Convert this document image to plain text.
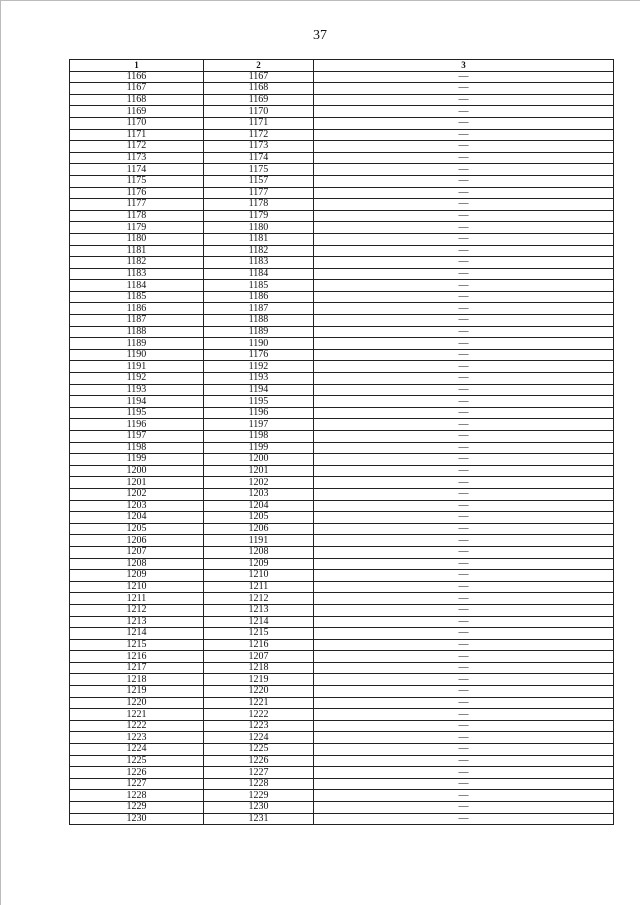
37
1	2	3
1166	1167	—
1167	1168	—
1168	1169	—
1169	1170	—
1170	1171	—
1171	1172	—
1172	1173	—
1173	1174	—
1174	1175	—
1175	1157	—
1176	1177	—
1177	1178	—
1178	1179	—
1179	1180	—
1180	1181	—
1181	1182	—
1182	1183	—
1183	1184	—
1184	1185	—
1185	1186	—
1186	1187	—
1187	1188	—
1188	1189	—
1189	1190	—
1190	1176	—
1191	1192	—
1192	1193	—
1193	1194	—
1194	1195	—
1195	1196	—
1196	1197	—
1197	1198	—
1198	1199	—
1199	1200	—
1200	1201	—
1201	1202	—
1202	1203	—
1203	1204	—
1204	1205	—
1205	1206	—
1206	1191	—
1207	1208	—
1208	1209	—
1209	1210	—
1210	1211	—
1211	1212	—
1212	1213	—
1213	1214	—
1214	1215	—
1215	1216	—
1216	1207	—
1217	1218	—
1218	1219	—
1219	1220	—
1220	1221	—
1221	1222	—
1222	1223	—
1223	1224	—
1224	1225	—
1225	1226	—
1226	1227	—
1227	1228	—
1228	1229	—
1229	1230	—
1230	1231	—
